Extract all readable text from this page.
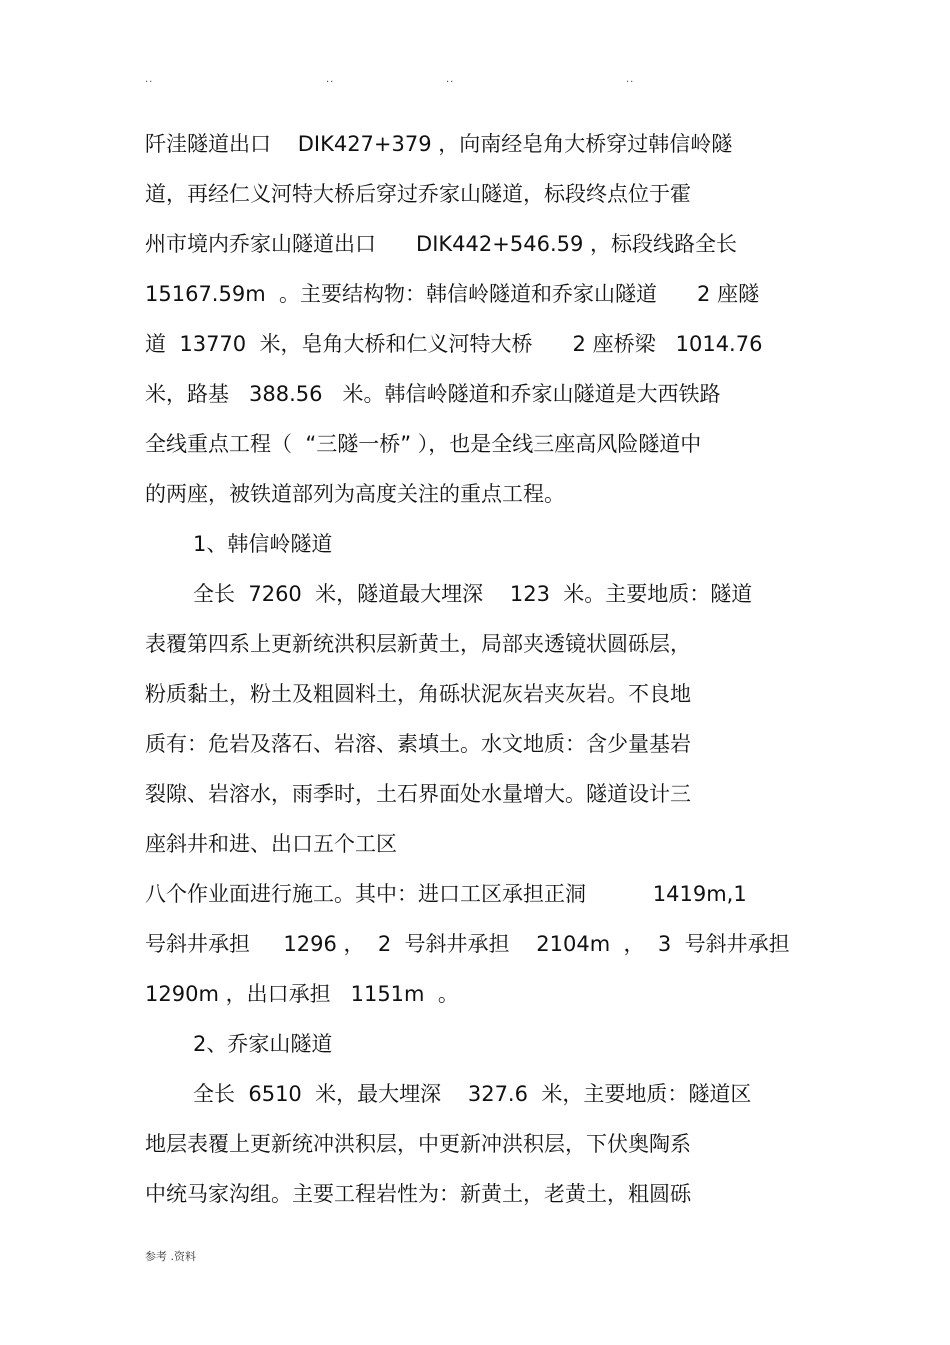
..	..	..	..
阡洼隧道出口    DIK427+379 ，向南经皂角大桥穿过韩信岭隧
道，再经仁义河特大桥后穿过乔家山隧道，标段终点位于霍
州市境内乔家山隧道出口      DIK442+546.59 ，标段线路全长
15167.59m  。主要结构物：韩信岭隧道和乔家山隧道      2 座隧
道  13770  米，皂角大桥和仁义河特大桥      2 座桥梁   1014.76
米，路基   388.56   米。韩信岭隧道和乔家山隧道是大西铁路
全线重点工程（  “三隧一桥” ），也是全线三座高风险隧道中
的两座，被铁道部列为高度关注的重点工程。
1、韩信岭隧道
全长  7260  米，隧道最大埋深    123  米。主要地质：隧道
表覆第四系上更新统洪积层新黄土，局部夹透镜状圆砾层，
粉质黏土，粉土及粗圆料土，角砾状泥灰岩夹灰岩。不良地
质有：危岩及落石、岩溶、素填土。水文地质：含少量基岩
裂隙、岩溶水，雨季时，土石界面处水量增大。隧道设计三
座斜井和进、出口五个工区
八个作业面进行施工。其中：进口工区承担正洞          1419m,1
号斜井承担     1296 ，  2  号斜井承担    2104m  ，  3  号斜井承担
1290m ，出口承担   1151m  。
2、乔家山隧道
全长  6510  米，最大埋深    327.6  米，主要地质：隧道区
地层表覆上更新统冲洪积层，中更新冲洪积层，下伏奥陶系
中统马家沟组。主要工程岩性为：新黄土，老黄土，粗圆砾
参考 .资料
